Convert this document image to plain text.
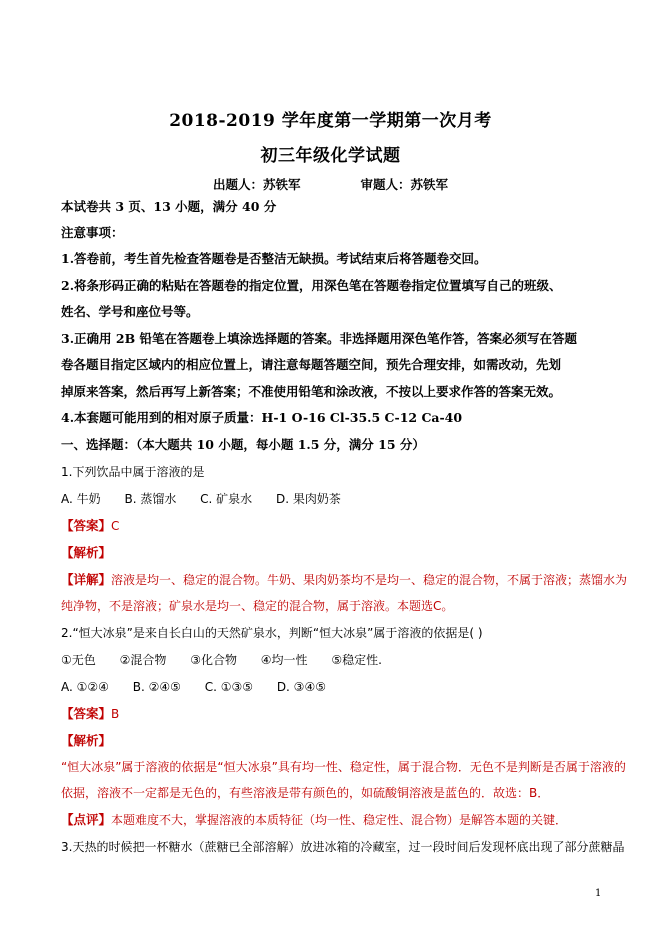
2018-2019 学年度第一学期第一次月考
初三年级化学试题
出题人：苏铁军	审题人：苏铁军
本试卷共 3 页、13 小题，满分 40 分
注意事项：
1.答卷前，考生首先检查答题卷是否整洁无缺损。考试结束后将答题卷交回。
2.将条形码正确的粘贴在答题卷的指定位置，用深色笔在答题卷指定位置填写自己的班级、
姓名、学号和座位号等。
3.正确用 2B 铅笔在答题卷上填涂选择题的答案。非选择题用深色笔作答，答案必须写在答题
卷各题目指定区域内的相应位置上，请注意每题答题空间，预先合理安排，如需改动，先划
掉原来答案，然后再写上新答案；不准使用铅笔和涂改液，不按以上要求作答的答案无效。
4.本套题可能用到的相对原子质量：H-1 O-16 Cl-35.5 C-12 Ca-40
一、选择题：（本大题共 10 小题，每小题 1.5 分，满分 15 分）
1.下列饮品中属于溶液的是
A. 牛奶 B. 蒸馏水 C. 矿泉水 D. 果肉奶茶
【答案】C
【解析】
【详解】溶液是均一、稳定的混合物。牛奶、果肉奶茶均不是均一、稳定的混合物，不属于溶液；蒸馏水为
纯净物，不是溶液；矿泉水是均一、稳定的混合物，属于溶液。本题选C。
2.“恒大冰泉”是来自长白山的天然矿泉水，判断“恒大冰泉”属于溶液的依据是( )
①无色 ②混合物 ③化合物 ④均一性 ⑤稳定性.
A. ①②④ B. ②④⑤ C. ①③⑤ D. ③④⑤
【答案】B
【解析】
“恒大冰泉”属于溶液的依据是“恒大冰泉”具有均一性、稳定性，属于混合物．无色不是判断是否属于溶液的
依据，溶液不一定都是无色的，有些溶液是带有颜色的，如硫酸铜溶液是蓝色的．故选：B．
【点评】本题难度不大，掌握溶液的本质特征（均一性、稳定性、混合物）是解答本题的关键．
3.天热的时候把一杯糖水（蔗糖已全部溶解）放进冰箱的冷藏室，过一段时间后发现杯底出现了部分蔗糖晶
1
